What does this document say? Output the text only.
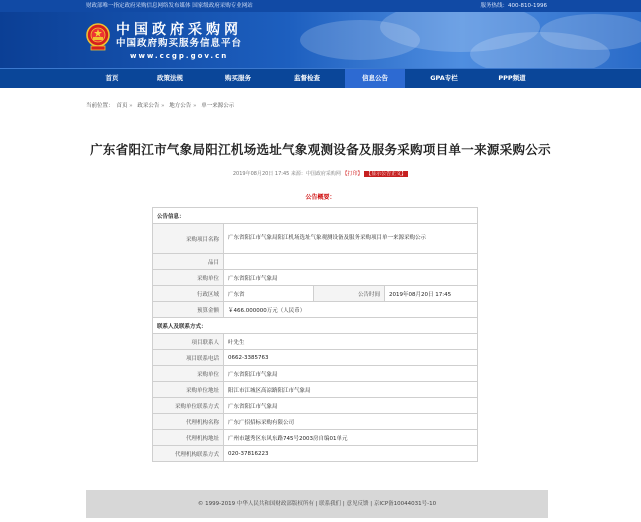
财政部唯一指定政府采购信息网络发布媒体 国家级政府采购专业网站	服务热线：400-810-1996
中国政府采购网
中国政府购买服务信息平台
www.ccgp.gov.cn
首页	政策法规	购买服务	监督检查	信息公告	GPA专栏	PPP频道
当前位置： 首页 » 政采公告 » 地方公告 » 单一来源公示
广东省阳江市气象局阳江机场选址气象观测设备及服务采购项目单一来源采购公示
2019年08月20日 17:45 来源：中国政府采购网 【打印】 【显示公告正文】
公告概要：
公告信息：			
采购项目名称	广东省阳江市气象局阳江机场选址气象观测设备及服务采购项目单一来源采购公示		
品目			
采购单位	广东省阳江市气象局		
行政区域	广东省	公告时间	2019年08月20日 17:45
预算金额	￥466.000000万元（人民币）		
联系人及联系方式：			
项目联系人	叶先生		
项目联系电话	0662-3385763		
采购单位	广东省阳江市气象局		
采购单位地址	阳江市江城区高凉路阳江市气象局		
采购单位联系方式	广东省阳江市气象局		
代理机构名称	广东广招招标采购有限公司		
代理机构地址	广州市越秀区东风东路745号2003房自编01单元		
代理机构联系方式	020-37816223		
© 1999-2019 中华人民共和国财政部版权所有 | 联系我们 | 意见反馈 | 京ICP备10044031号-10
